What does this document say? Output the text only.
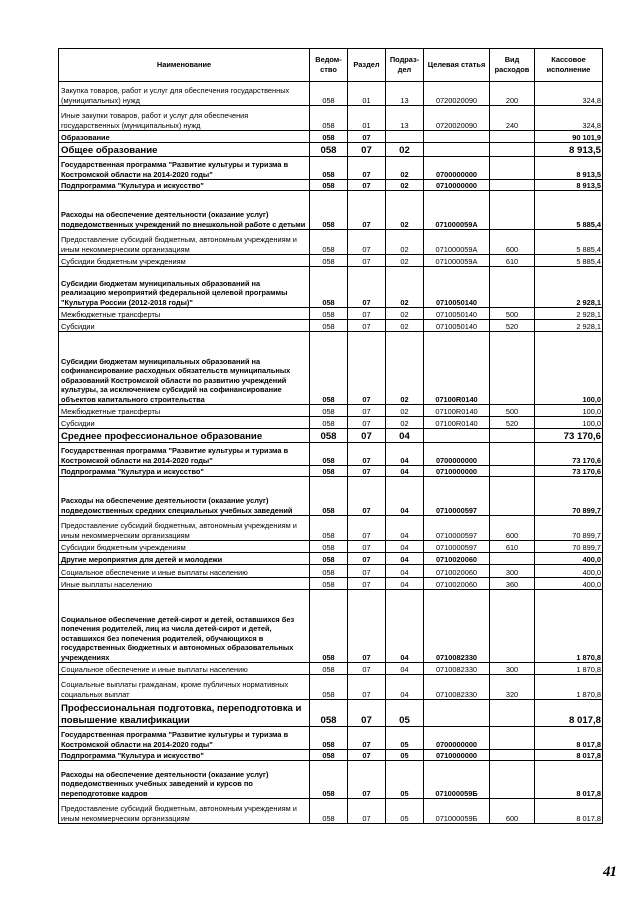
Наименование	Ведом-ство	Раздел	Подраз-дел	Целевая статья	Вид расходов	Кассовое исполнение
Закупка товаров, работ и услуг для обеспечения государственных (муниципальных) нужд	058	01	13	0720020090	200	324,8
Иные закупки товаров, работ и услуг для обеспечения государственных (муниципальных) нужд	058	01	13	0720020090	240	324,8
Образование	058	07				90 101,9
Общее образование	058	07	02			8 913,5
Государственная программа "Развитие культуры и туризма в Костромской области на 2014-2020 годы"	058	07	02	0700000000		8 913,5
Подпрограмма "Культура и искусство"	058	07	02	0710000000		8 913,5
Расходы на обеспечение деятельности (оказание услуг) подведомственных учреждений по внешкольной работе с детьми	058	07	02	071000059А		5 885,4
Предоставление субсидий бюджетным, автономным учреждениям и иным некоммерческим организациям	058	07	02	071000059А	600	5 885,4
Субсидии бюджетным учреждениям	058	07	02	071000059А	610	5 885,4
Субсидии бюджетам муниципальных образований на реализацию мероприятий федеральной целевой программы "Культура России (2012-2018 годы)"	058	07	02	0710050140		2 928,1
Межбюджетные трансферты	058	07	02	0710050140	500	2 928,1
Субсидии	058	07	02	0710050140	520	2 928,1
Субсидии бюджетам муниципальных образований на софинансирование расходных обязательств муниципальных образований Костромской области по развитию учреждений культуры, за исключением субсидий на софинансирование объектов капитального строительства	058	07	02	07100R0140		100,0
Межбюджетные трансферты	058	07	02	07100R0140	500	100,0
Субсидии	058	07	02	07100R0140	520	100,0
Среднее профессиональное образование	058	07	04			73 170,6
Государственная программа "Развитие культуры и туризма в Костромской области на 2014-2020 годы"	058	07	04	0700000000		73 170,6
Подпрограмма "Культура и искусство"	058	07	04	0710000000		73 170,6
Расходы на обеспечение деятельности (оказание услуг) подведомственных средних специальных учебных заведений	058	07	04	0710000597		70 899,7
Предоставление субсидий бюджетным, автономным учреждениям и иным некоммерческим организациям	058	07	04	0710000597	600	70 899,7
Субсидии бюджетным учреждениям	058	07	04	0710000597	610	70 899,7
Другие мероприятия для детей и молодежи	058	07	04	0710020060		400,0
Социальное обеспечение и иные выплаты населению	058	07	04	0710020060	300	400,0
Иные выплаты населению	058	07	04	0710020060	360	400,0
Социальное обеспечение детей-сирот и детей, оставшихся без попечения родителей, лиц из числа детей-сирот и детей, оставшихся без попечения родителей, обучающихся в государственных бюджетных и автономных образовательных учреждениях	058	07	04	0710082330		1 870,8
Социальное обеспечение и иные выплаты населению	058	07	04	0710082330	300	1 870,8
Социальные выплаты гражданам, кроме публичных нормативных социальных выплат	058	07	04	0710082330	320	1 870,8
Профессиональная подготовка, переподготовка и повышение квалификации	058	07	05			8 017,8
Государственная программа "Развитие культуры и туризма в Костромской области на 2014-2020 годы"	058	07	05	0700000000		8 017,8
Подпрограмма "Культура и искусство"	058	07	05	0710000000		8 017,8
Расходы на обеспечение деятельности (оказание услуг) подведомственных учебных заведений и курсов по переподготовке кадров	058	07	05	071000059Б		8 017,8
Предоставление субсидий бюджетным, автономным учреждениям и иным некоммерческим организациям	058	07	05	071000059Б	600	8 017,8
41
